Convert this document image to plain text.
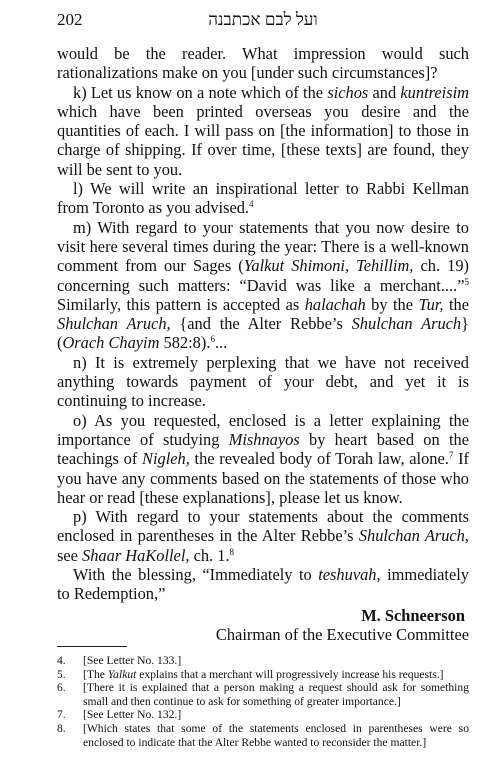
202	ועל לבם אכתבנה

would be the reader. What impression would such rationalizations make on you [under such circumstances]?

k) Let us know on a note which of the sichos and kuntreisim which have been printed overseas you desire and the quantities of each. I will pass on [the information] to those in charge of shipping. If over time, [these texts] are found, they will be sent to you.

l) We will write an inspirational letter to Rabbi Kellman from Toronto as you advised.$^4$

m) With regard to your statements that you now desire to visit here several times during the year: There is a well-known comment from our Sages (Yalkut Shimoni, Tehillim, ch. 19) concerning such matters: “David was like a merchant....”$^5$ Similarly, this pattern is accepted as halachah by the Tur, the Shulchan Aruch, {and the Alter Rebbe’s Shulchan Aruch} (Orach Chayim 582:8).$^6$...

n) It is extremely perplexing that we have not received anything towards payment of your debt, and yet it is continuing to increase.

o) As you requested, enclosed is a letter explaining the importance of studying Mishnayos by heart based on the teachings of Nigleh, the revealed body of Torah law, alone.$^7$ If you have any comments based on the statements of those who hear or read [these explanations], please let us know.

p) With regard to your statements about the comments enclosed in parentheses in the Alter Rebbe’s Shulchan Aruch, see Shaar HaKollel, ch. 1.$^8$

With the blessing, “Immediately to teshuvah, immediately to Redemption,”

M. Schneerson
Chairman of the Executive Committee
4.	[See Letter No. 133.]
5.	[The Yalkut explains that a merchant will progressively increase his requests.]
6.	[There it is explained that a person making a request should ask for something small and then continue to ask for something of greater importance.]
7.	[See Letter No. 132.]
8.	[Which states that some of the statements enclosed in parentheses were so enclosed to indicate that the Alter Rebbe wanted to reconsider the matter.]
